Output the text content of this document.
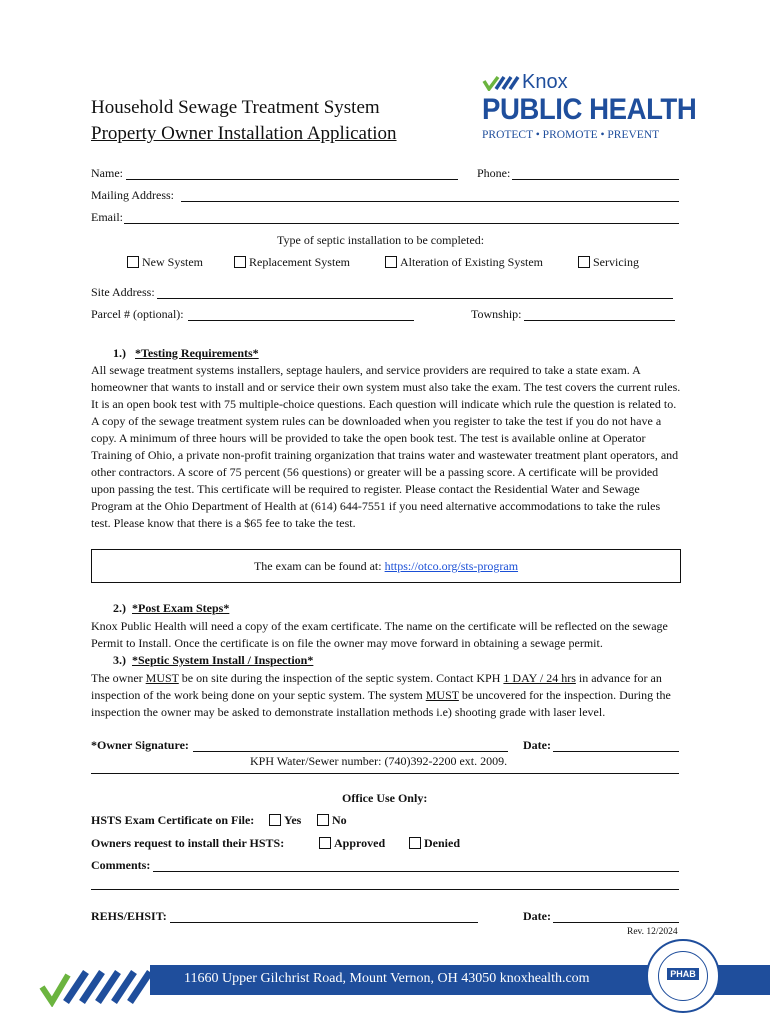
Household Sewage Treatment System
Property Owner Installation Application
Knox
PUBLIC HEALTH
PROTECT • PROMOTE • PREVENT
Name:	Phone:
Mailing Address:
Email:
Type of septic installation to be completed:
New System	Replacement System	Alteration of Existing System	Servicing
Site Address:
Parcel # (optional):	Township:
1.) *Testing Requirements*
All sewage treatment systems installers, septage haulers, and service providers are required to take a state exam. A homeowner that wants to install and or service their own system must also take the exam. The test covers the current rules. It is an open book test with 75 multiple-choice questions. Each question will indicate which rule the question is related to. A copy of the sewage treatment system rules can be downloaded when you register to take the test if you do not have a copy. A minimum of three hours will be provided to take the open book test. The test is available online at Operator Training of Ohio, a private non-profit training organization that trains water and wastewater treatment plant operators, and other contractors. A score of 75 percent (56 questions) or greater will be a passing score. A certificate will be provided upon passing the test. This certificate will be required to register. Please contact the Residential Water and Sewage Program at the Ohio Department of Health at (614) 644-7551 if you need alternative accommodations to take the rules test. Please know that there is a $65 fee to take the test.
The exam can be found at: https://otco.org/sts-program
2.) *Post Exam Steps*
Knox Public Health will need a copy of the exam certificate. The name on the certificate will be reflected on the sewage Permit to Install. Once the certificate is on file the owner may move forward in obtaining a sewage permit.
3.) *Septic System Install / Inspection*
The owner MUST be on site during the inspection of the septic system. Contact KPH 1 DAY / 24 hrs in advance for an inspection of the work being done on your septic system. The system MUST be uncovered for the inspection. During the inspection the owner may be asked to demonstrate installation methods i.e) shooting grade with laser level.
*Owner Signature:	Date:
KPH Water/Sewer number: (740)392-2200 ext. 2009.
Office Use Only:
HSTS Exam Certificate on File:	Yes	No
Owners request to install their HSTS:	Approved	Denied
Comments:
REHS/EHSIT:	Date:
Rev. 12/2024
11660 Upper Gilchrist Road, Mount Vernon, OH 43050 knoxhealth.com	PHAB
